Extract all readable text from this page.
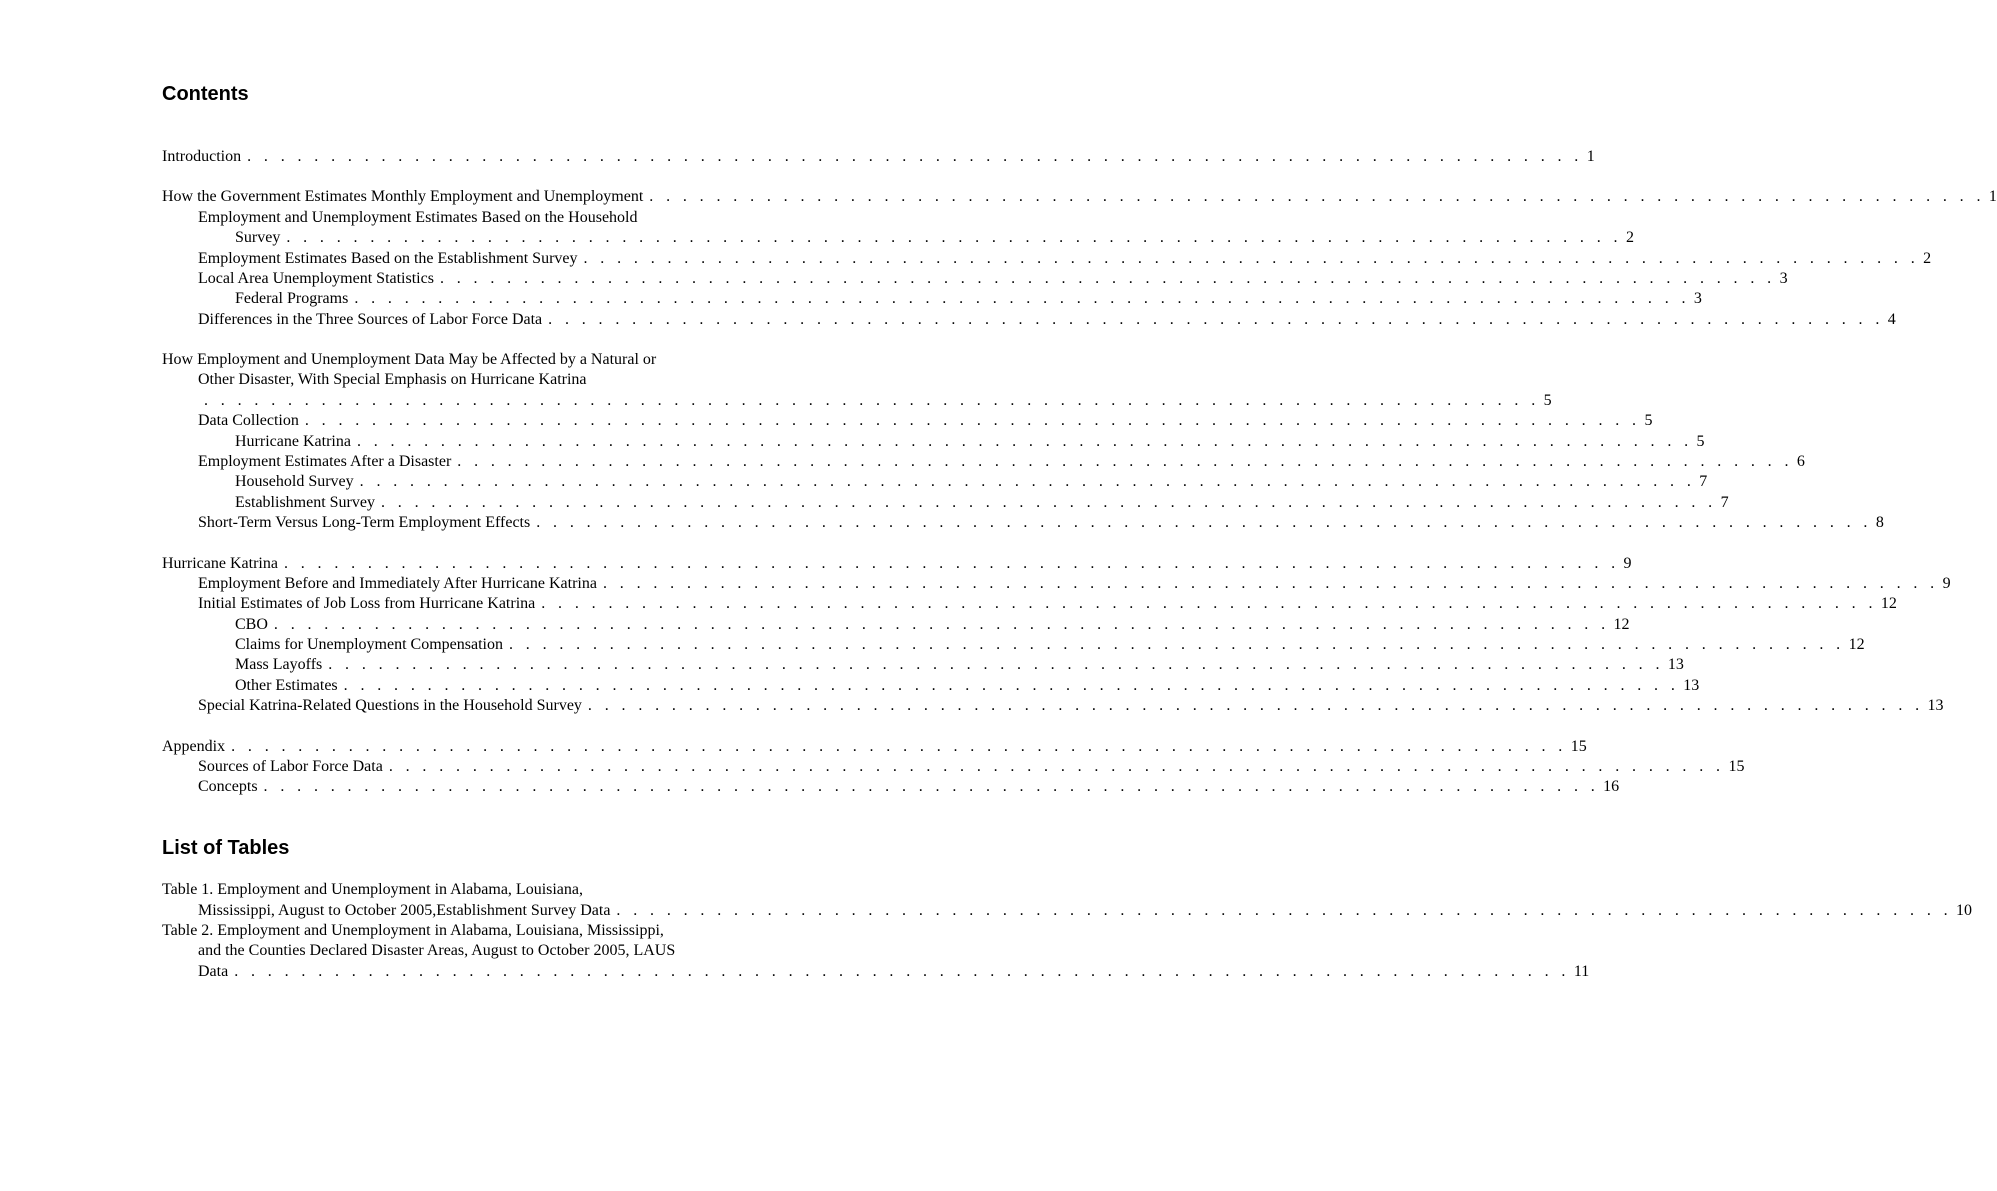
Contents
Introduction . . . . . . . . . . . . . . . . . . . . . . . . . . . . . . . . . . . . . . . . . . . . . . . . . . . . . . . . . . . . . . . . . . . . . . . . . . . . . . . . 1
How the Government Estimates Monthly Employment and Unemployment . . . . . . . . . . . . . . . . . . . . . . . . . . . . . . . . . . . . . . . . . . . . . . . . . . . . . . . . . . . . . . . . . . . . . . . . . . . . . . . . 1
Employment and Unemployment Estimates Based on the Household
Survey . . . . . . . . . . . . . . . . . . . . . . . . . . . . . . . . . . . . . . . . . . . . . . . . . . . . . . . . . . . . . . . . . . . . . . . . . . . . . . . . 2
Employment Estimates Based on the Establishment Survey . . . . . . . . . . . . . . . . . . . . . . . . . . . . . . . . . . . . . . . . . . . . . . . . . . . . . . . . . . . . . . . . . . . . . . . . . . . . . . . . 2
Local Area Unemployment Statistics . . . . . . . . . . . . . . . . . . . . . . . . . . . . . . . . . . . . . . . . . . . . . . . . . . . . . . . . . . . . . . . . . . . . . . . . . . . . . . . . 3
Federal Programs . . . . . . . . . . . . . . . . . . . . . . . . . . . . . . . . . . . . . . . . . . . . . . . . . . . . . . . . . . . . . . . . . . . . . . . . . . . . . . . . 3
Differences in the Three Sources of Labor Force Data . . . . . . . . . . . . . . . . . . . . . . . . . . . . . . . . . . . . . . . . . . . . . . . . . . . . . . . . . . . . . . . . . . . . . . . . . . . . . . . . 4
How Employment and Unemployment Data May be Affected by a Natural or
Other Disaster, With Special Emphasis on Hurricane Katrina
. . . . . . . . . . . . . . . . . . . . . . . . . . . . . . . . . . . . . . . . . . . . . . . . . . . . . . . . . . . . . . . . . . . . . . . . . . . . . . . . 5
Data Collection . . . . . . . . . . . . . . . . . . . . . . . . . . . . . . . . . . . . . . . . . . . . . . . . . . . . . . . . . . . . . . . . . . . . . . . . . . . . . . . . 5
Hurricane Katrina . . . . . . . . . . . . . . . . . . . . . . . . . . . . . . . . . . . . . . . . . . . . . . . . . . . . . . . . . . . . . . . . . . . . . . . . . . . . . . . . 5
Employment Estimates After a Disaster . . . . . . . . . . . . . . . . . . . . . . . . . . . . . . . . . . . . . . . . . . . . . . . . . . . . . . . . . . . . . . . . . . . . . . . . . . . . . . . . 6
Household Survey . . . . . . . . . . . . . . . . . . . . . . . . . . . . . . . . . . . . . . . . . . . . . . . . . . . . . . . . . . . . . . . . . . . . . . . . . . . . . . . . 7
Establishment Survey . . . . . . . . . . . . . . . . . . . . . . . . . . . . . . . . . . . . . . . . . . . . . . . . . . . . . . . . . . . . . . . . . . . . . . . . . . . . . . . . 7
Short-Term Versus Long-Term Employment Effects . . . . . . . . . . . . . . . . . . . . . . . . . . . . . . . . . . . . . . . . . . . . . . . . . . . . . . . . . . . . . . . . . . . . . . . . . . . . . . . . 8
Hurricane Katrina . . . . . . . . . . . . . . . . . . . . . . . . . . . . . . . . . . . . . . . . . . . . . . . . . . . . . . . . . . . . . . . . . . . . . . . . . . . . . . . . 9
Employment Before and Immediately After Hurricane Katrina . . . . . . . . . . . . . . . . . . . . . . . . . . . . . . . . . . . . . . . . . . . . . . . . . . . . . . . . . . . . . . . . . . . . . . . . . . . . . . . . 9
Initial Estimates of Job Loss from Hurricane Katrina . . . . . . . . . . . . . . . . . . . . . . . . . . . . . . . . . . . . . . . . . . . . . . . . . . . . . . . . . . . . . . . . . . . . . . . . . . . . . . . . 12
CBO . . . . . . . . . . . . . . . . . . . . . . . . . . . . . . . . . . . . . . . . . . . . . . . . . . . . . . . . . . . . . . . . . . . . . . . . . . . . . . . . 12
Claims for Unemployment Compensation . . . . . . . . . . . . . . . . . . . . . . . . . . . . . . . . . . . . . . . . . . . . . . . . . . . . . . . . . . . . . . . . . . . . . . . . . . . . . . . . 12
Mass Layoffs . . . . . . . . . . . . . . . . . . . . . . . . . . . . . . . . . . . . . . . . . . . . . . . . . . . . . . . . . . . . . . . . . . . . . . . . . . . . . . . . 13
Other Estimates . . . . . . . . . . . . . . . . . . . . . . . . . . . . . . . . . . . . . . . . . . . . . . . . . . . . . . . . . . . . . . . . . . . . . . . . . . . . . . . . 13
Special Katrina-Related Questions in the Household Survey . . . . . . . . . . . . . . . . . . . . . . . . . . . . . . . . . . . . . . . . . . . . . . . . . . . . . . . . . . . . . . . . . . . . . . . . . . . . . . . . 13
Appendix . . . . . . . . . . . . . . . . . . . . . . . . . . . . . . . . . . . . . . . . . . . . . . . . . . . . . . . . . . . . . . . . . . . . . . . . . . . . . . . . 15
Sources of Labor Force Data . . . . . . . . . . . . . . . . . . . . . . . . . . . . . . . . . . . . . . . . . . . . . . . . . . . . . . . . . . . . . . . . . . . . . . . . . . . . . . . . 15
Concepts . . . . . . . . . . . . . . . . . . . . . . . . . . . . . . . . . . . . . . . . . . . . . . . . . . . . . . . . . . . . . . . . . . . . . . . . . . . . . . . . 16
List of Tables
Table 1. Employment and Unemployment in Alabama, Louisiana,
Mississippi, August to October 2005,Establishment Survey Data . . . . . . . . . . . . . . . . . . . . . . . . . . . . . . . . . . . . . . . . . . . . . . . . . . . . . . . . . . . . . . . . . . . . . . . . . . . . . . . . 10
Table 2. Employment and Unemployment in Alabama, Louisiana, Mississippi,
and the Counties Declared Disaster Areas, August to October 2005, LAUS
Data . . . . . . . . . . . . . . . . . . . . . . . . . . . . . . . . . . . . . . . . . . . . . . . . . . . . . . . . . . . . . . . . . . . . . . . . . . . . . . . . 11
